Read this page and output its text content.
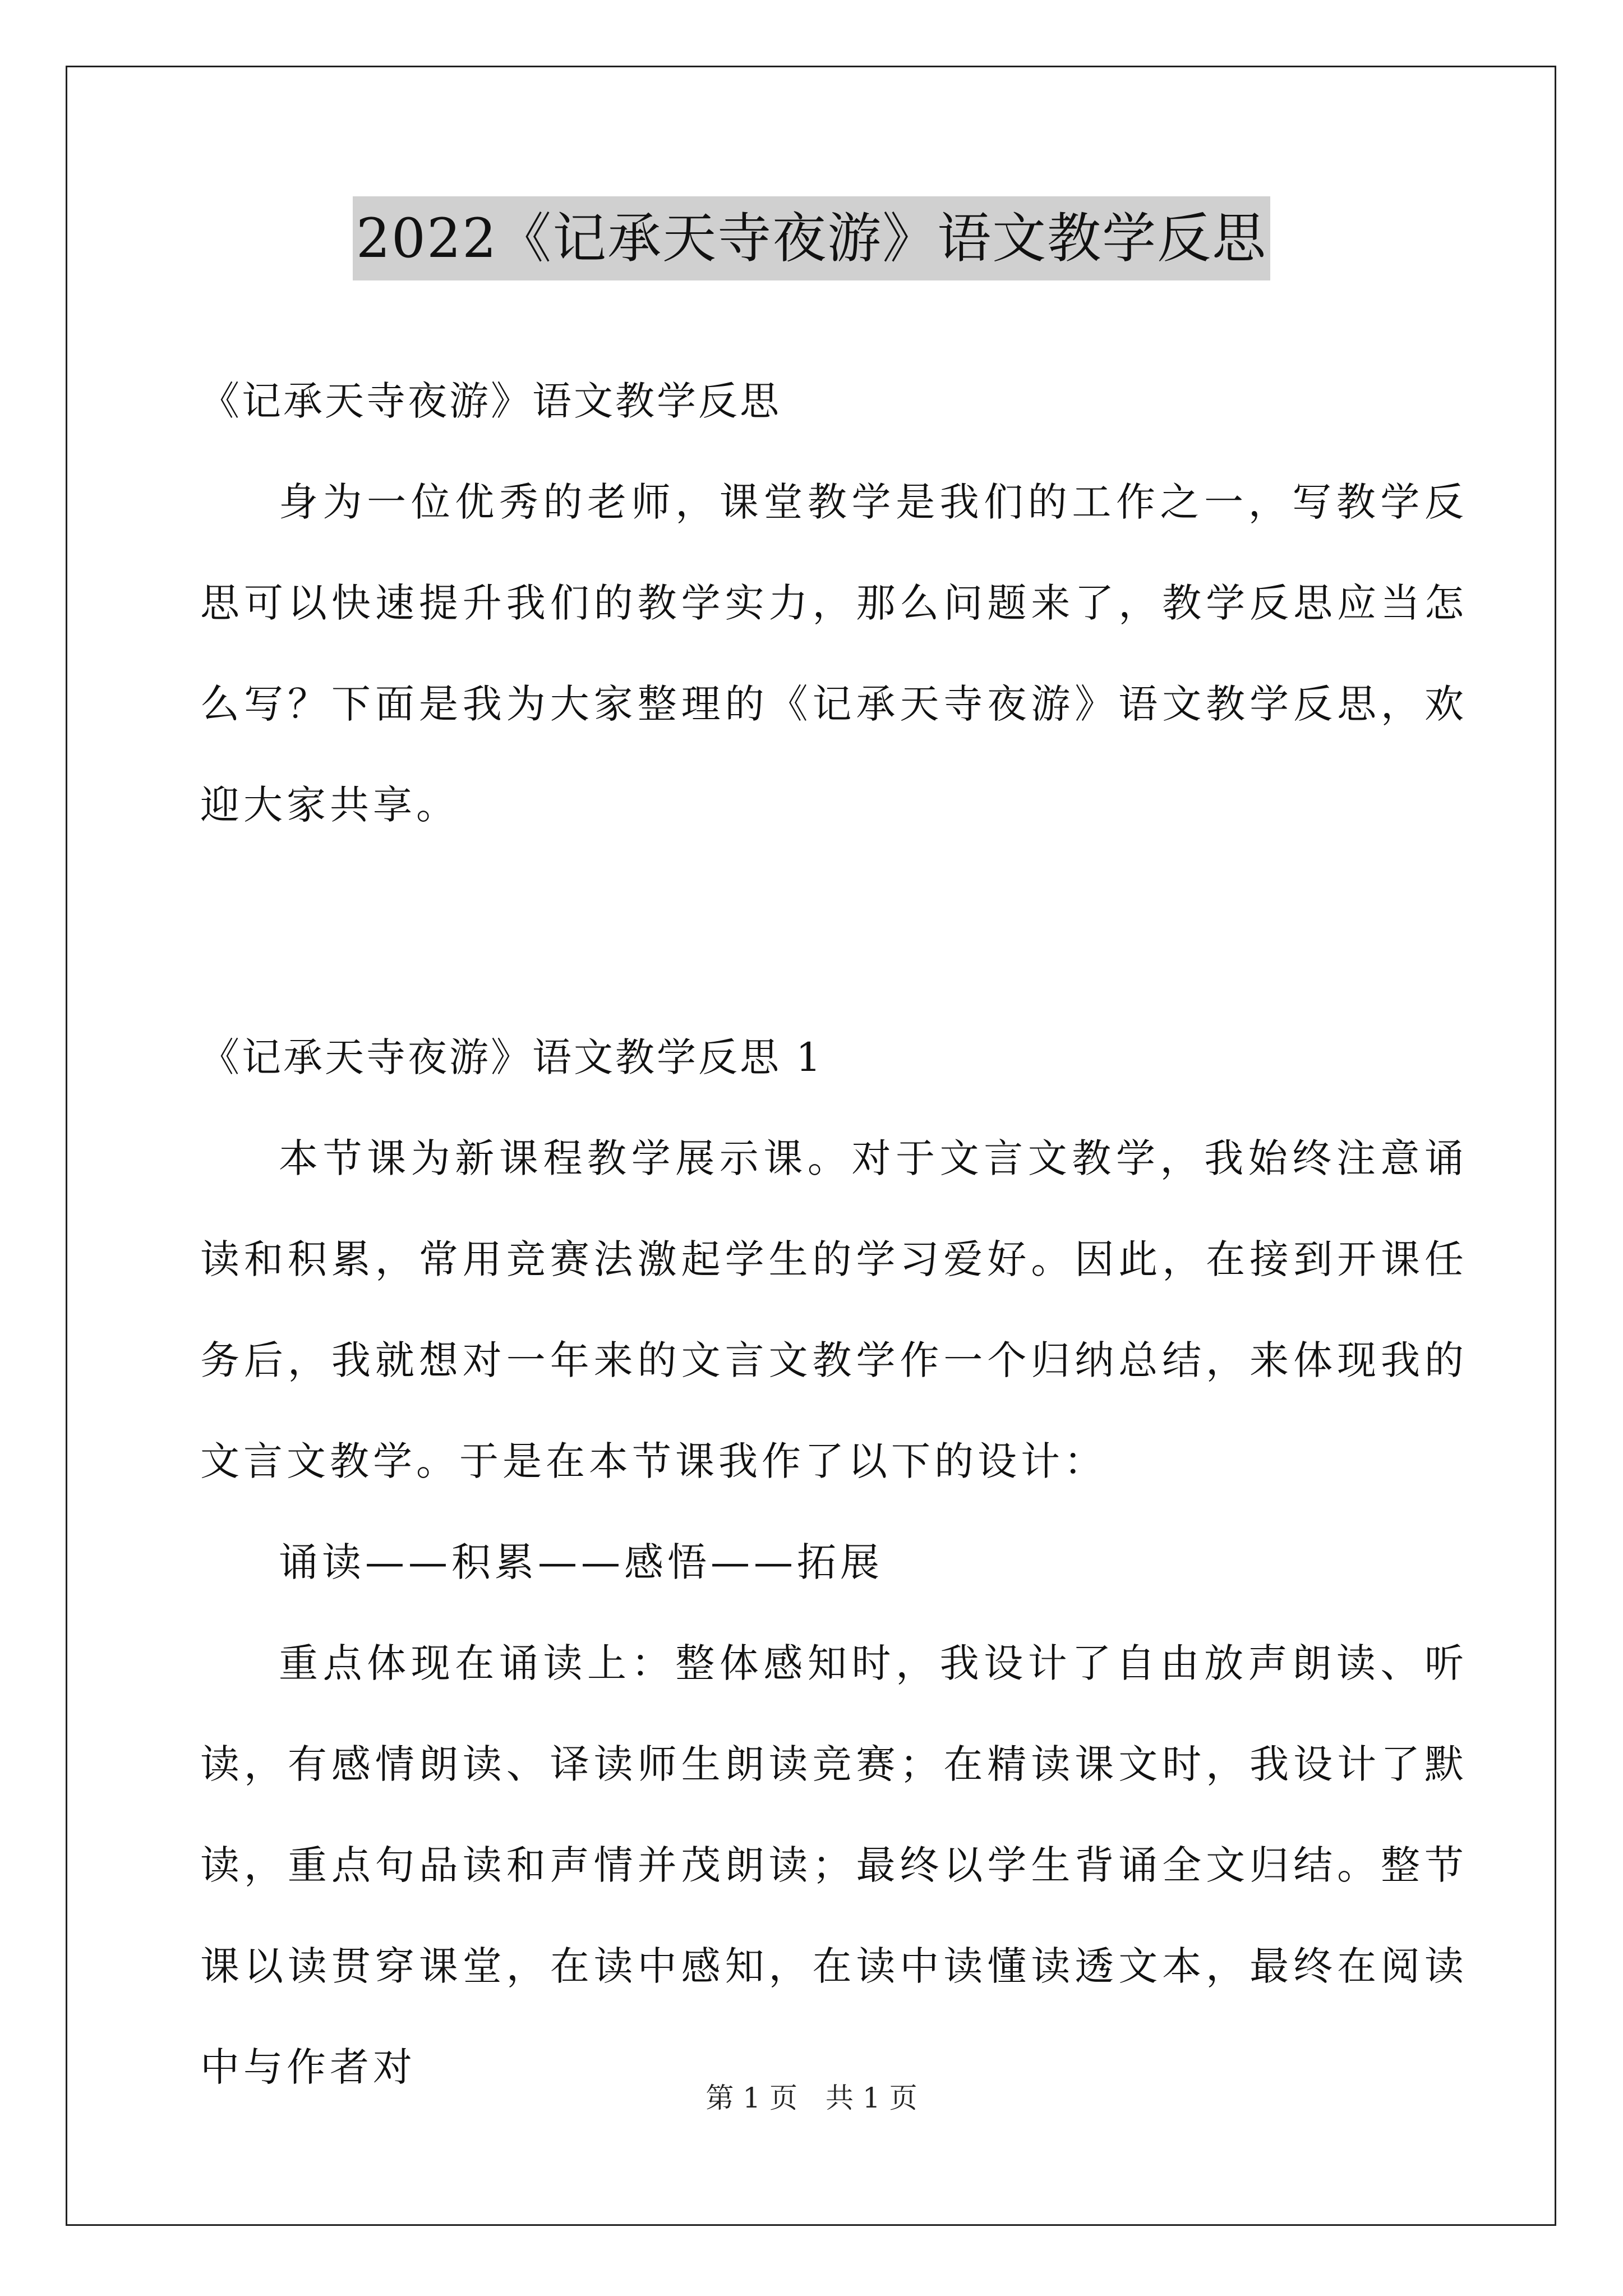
2022《记承天寺夜游》语文教学反思

《记承天寺夜游》语文教学反思

身为一位优秀的老师，课堂教学是我们的工作之一，写教学反思可以快速提升我们的教学实力，那么问题来了，教学反思应当怎么写？下面是我为大家整理的《记承天寺夜游》语文教学反思，欢迎大家共享。

《记承天寺夜游》语文教学反思 1

本节课为新课程教学展示课。对于文言文教学，我始终注意诵读和积累，常用竞赛法激起学生的学习爱好。因此，在接到开课任务后，我就想对一年来的文言文教学作一个归纳总结，来体现我的文言文教学。于是在本节课我作了以下的设计：

诵读——积累——感悟——拓展

重点体现在诵读上：整体感知时，我设计了自由放声朗读、听读，有感情朗读、译读师生朗读竞赛；在精读课文时，我设计了默读，重点句品读和声情并茂朗读；最终以学生背诵全文归结。整节课以读贯穿课堂，在读中感知，在读中读懂读透文本，最终在阅读中与作者对

第 1 页 共 1 页
